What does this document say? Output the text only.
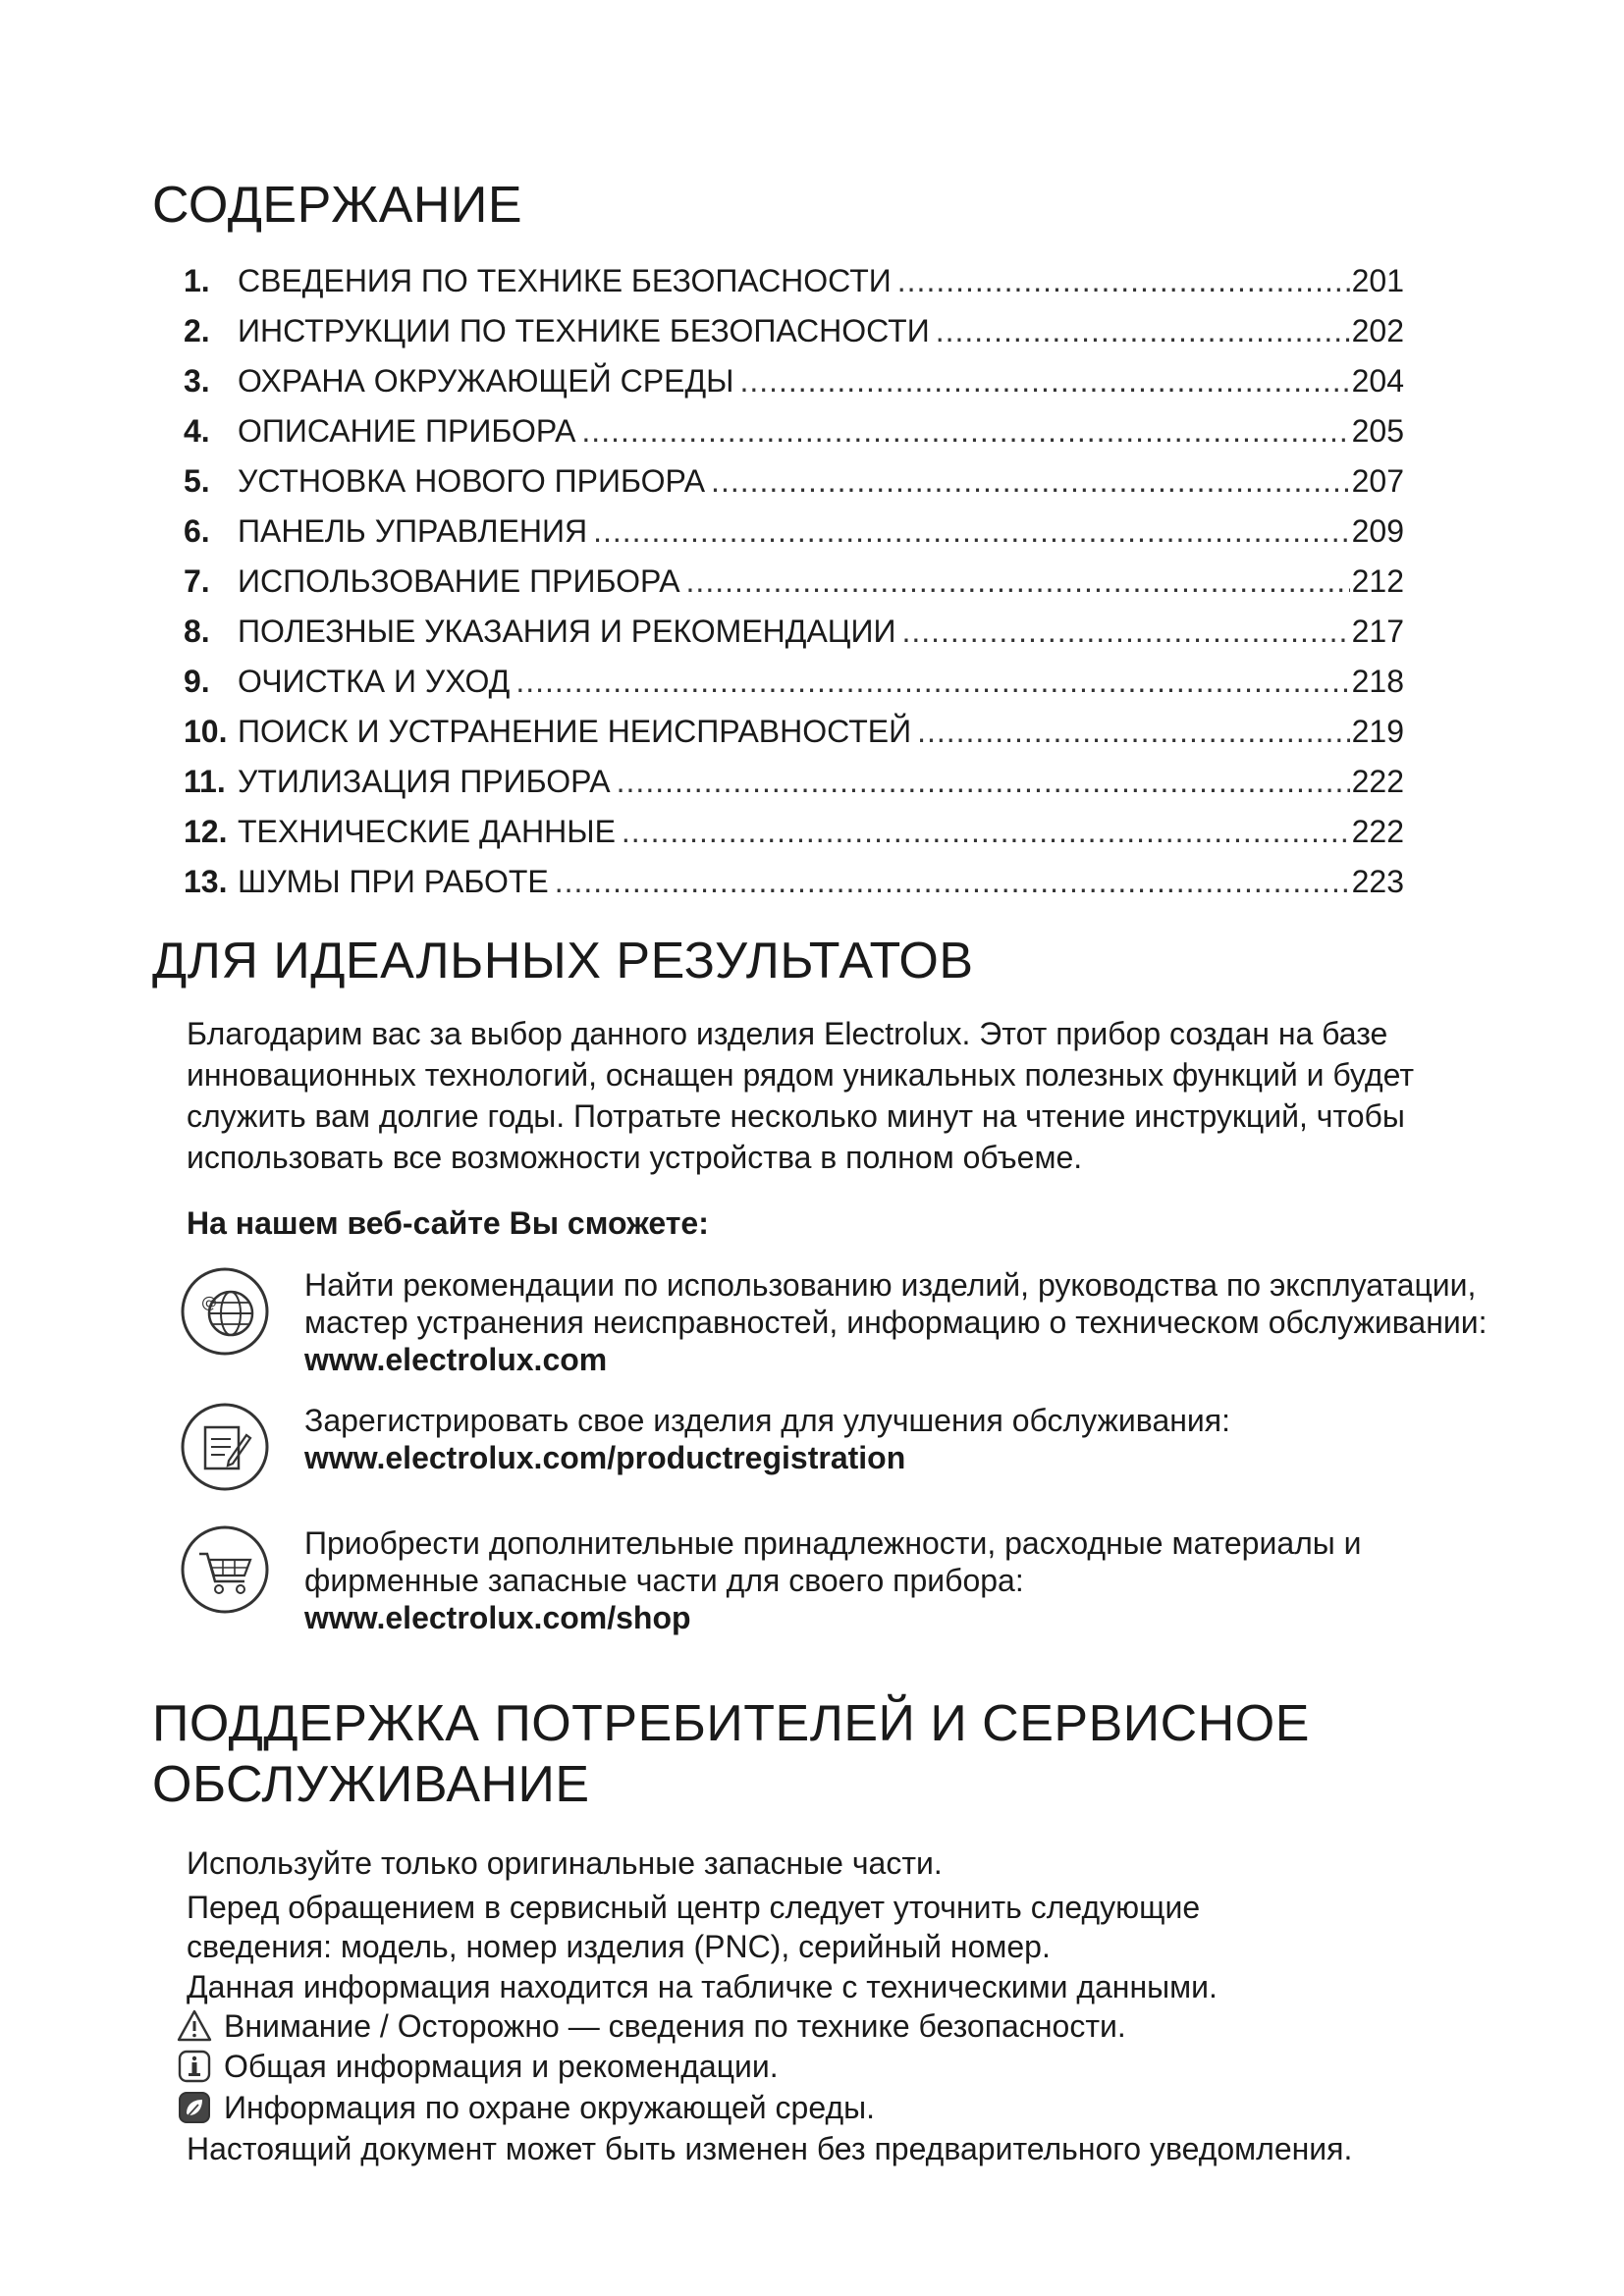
СОДЕРЖАНИЕ
1. СВЕДЕНИЯ ПО ТЕХНИКЕ БЕЗОПАСНОСТИ .....	201
2. ИНСТРУКЦИИ ПО ТЕХНИКЕ БЕЗОПАСНОСТИ .....	202
3. ОХРАНА ОКРУЖАЮЩЕЙ СРЕДЫ .....	204
4. ОПИСАНИЕ ПРИБОРА .....	205
5. УСТНОВКА НОВОГО ПРИБОРА .....	207
6. ПАНЕЛЬ УПРАВЛЕНИЯ .....	209
7. ИСПОЛЬЗОВАНИЕ ПРИБОРА .....	212
8. ПОЛЕЗНЫЕ УКАЗАНИЯ И РЕКОМЕНДАЦИИ .....	217
9. ОЧИСТКА И УХОД .....	218
10. ПОИСК И УСТРАНЕНИЕ НЕИСПРАВНОСТЕЙ .....	219
11. УТИЛИЗАЦИЯ ПРИБОРА .....	222
12. ТЕХНИЧЕСКИЕ ДАННЫЕ .....	222
13. ШУМЫ ПРИ РАБОТЕ .....	223
ДЛЯ ИДЕАЛЬНЫХ РЕЗУЛЬТАТОВ

Благодарим вас за выбор данного изделия Electrolux. Этот прибор создан на базе инновационных технологий, оснащен рядом уникальных полезных функций и будет служить вам долгие годы. Потратьте несколько минут на чтение инструкций, чтобы использовать все возможности устройства в полном объеме.

На нашем веб-сайте Вы сможете:

@	Найти рекомендации по использованию изделий, руководства по эксплуатации, мастер устранения неисправностей, информацию о техническом обслуживании:
www.electrolux.com
Зарегистрировать свое изделия для улучшения обслуживания:
www.electrolux.com/productregistration
Приобрести дополнительные принадлежности, расходные материалы и фирменные запасные части для своего прибора:
www.electrolux.com/shop
ПОДДЕРЖКА ПОТРЕБИТЕЛЕЙ И СЕРВИСНОЕ
ОБСЛУЖИВАНИЕ

Используйте только оригинальные запасные части.

Перед обращением в сервисный центр следует уточнить следующие

сведения: модель, номер изделия (PNC), серийный номер.

Данная информация находится на табличке с техническими данными.

Внимание / Осторожно — сведения по технике безопасности.
Общая информация и рекомендации.
Информация по охране окружающей среды.

Настоящий документ может быть изменен без предварительного уведомления.
